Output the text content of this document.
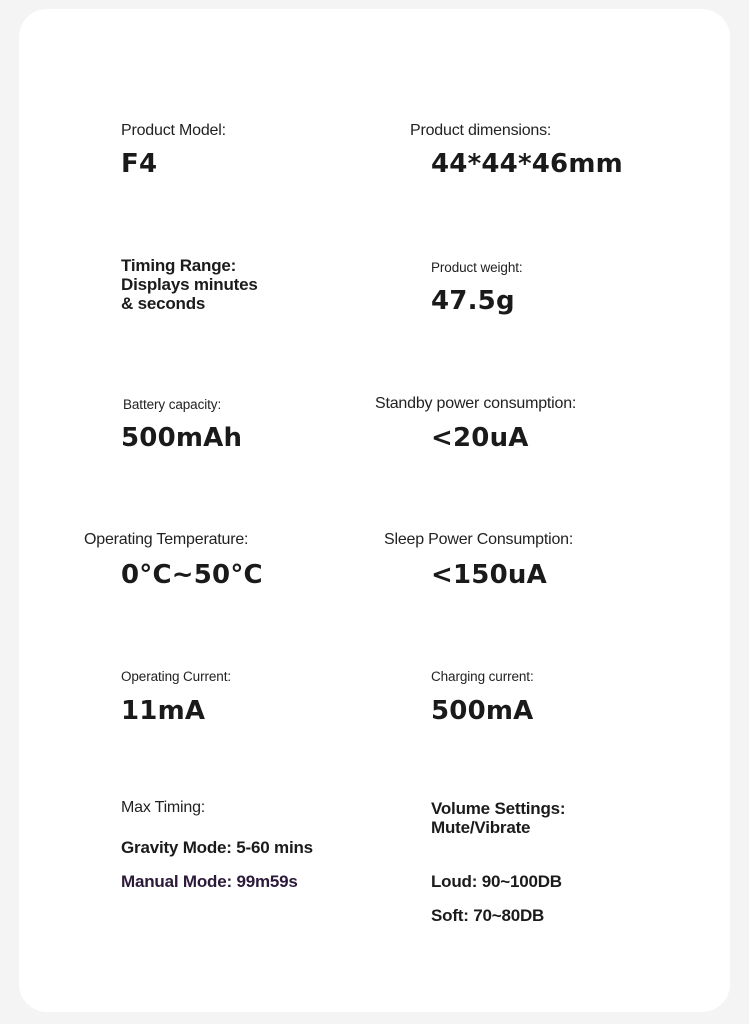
Product Model:

F4

Product dimensions:

44*44*46mm

Timing Range:
Displays minutes
& seconds

Product weight:

47.5g

Battery capacity:

500mAh

Standby power consumption:

<20uA

Operating Temperature:

0°C~50°C

Sleep Power Consumption:

<150uA

Operating Current:

11mA

Charging current:

500mA

Max Timing:

Gravity Mode: 5-60 mins

Manual Mode: 99m59s

Volume Settings:
Mute/Vibrate

Loud: 90~100DB

Soft: 70~80DB
